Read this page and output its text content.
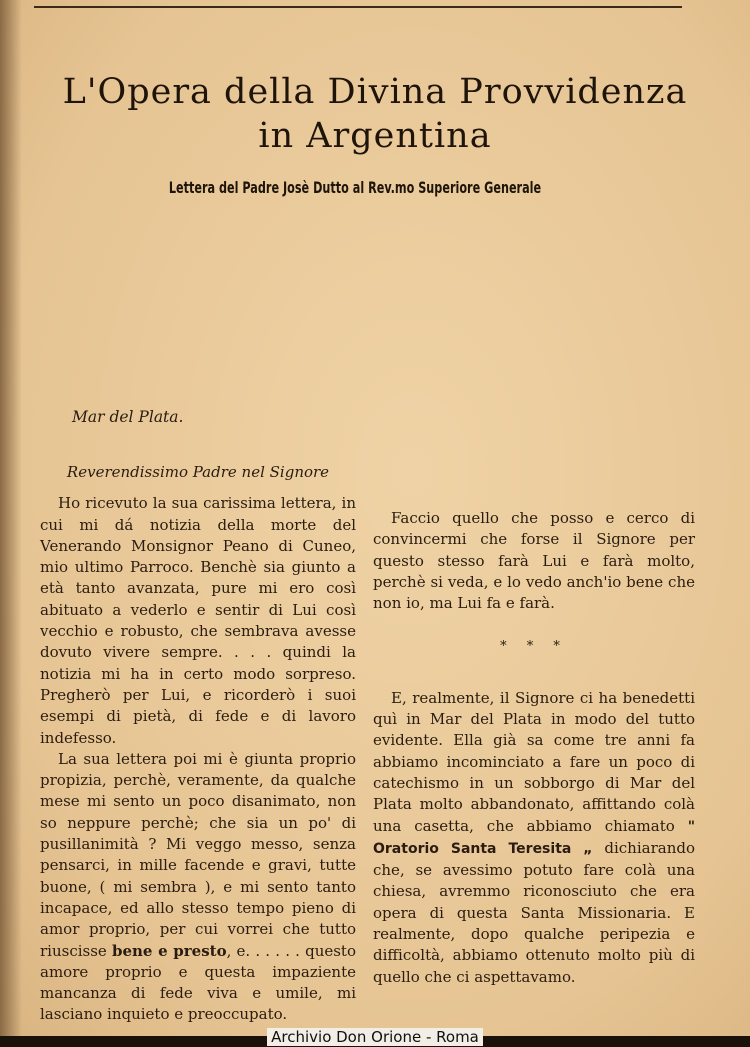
L'Opera della Divina Provvidenza
in Argentina
Lettera del Padre Josè Dutto al Rev.mo Superiore Generale
Mar del Plata.

Reverendissimo Padre nel Signore

Ho ricevuto la sua carissima lettera, in cui mi dá notizia della morte del Venerando Monsignor Peano di Cuneo, mio ultimo Parroco. Benchè sia giunto a età tanto avanzata, pure mi ero così abituato a vederlo e sentir di Lui così vecchio e robusto, che sembrava avesse dovuto vivere sempre. . . . quindi la notizia mi ha in certo modo sorpreso. Pregherò per Lui, e ricorderò i suoi esempi di pietà, di fede e di lavoro indefesso.

La sua lettera poi mi è giunta proprio propizia, perchè, veramente, da qualche mese mi sento un poco disanimato, non so neppure perchè; che sia un po' di pusillanimità ? Mi veggo messo, senza pensarci, in mille facende e gravi, tutte buone, ( mi sembra ), e mi sento tanto incapace, ed allo stesso tempo pieno di amor proprio, per cui vorrei che tutto riuscisse bene e presto, e. . . . . . questo amore proprio e questa impaziente mancanza di fede viva e umile, mi lasciano inquieto e preoccupato.

Faccio quello che posso e cerco di convincermi che forse il Signore per questo stesso farà Lui e farà molto, perchè si veda, e lo vedo anch'io bene che non io, ma Lui fa e farà.

* * *

E, realmente, il Signore ci ha benedetti quì in Mar del Plata in modo del tutto evidente. Ella già sa come tre anni fa abbiamo incominciato a fare un poco di catechismo in un sobborgo di Mar del Plata molto abbandonato, affittando colà una casetta, che abbiamo chiamato " Oratorio Santa Teresita „ dichiarando che, se avessimo potuto fare colà una chiesa, avremmo riconosciuto che era opera di questa Santa Missionaria. E realmente, dopo qualche peripezia e difficoltà, abbiamo ottenuto molto più di quello che ci aspettavamo.

Archivio Don Orione - Roma
